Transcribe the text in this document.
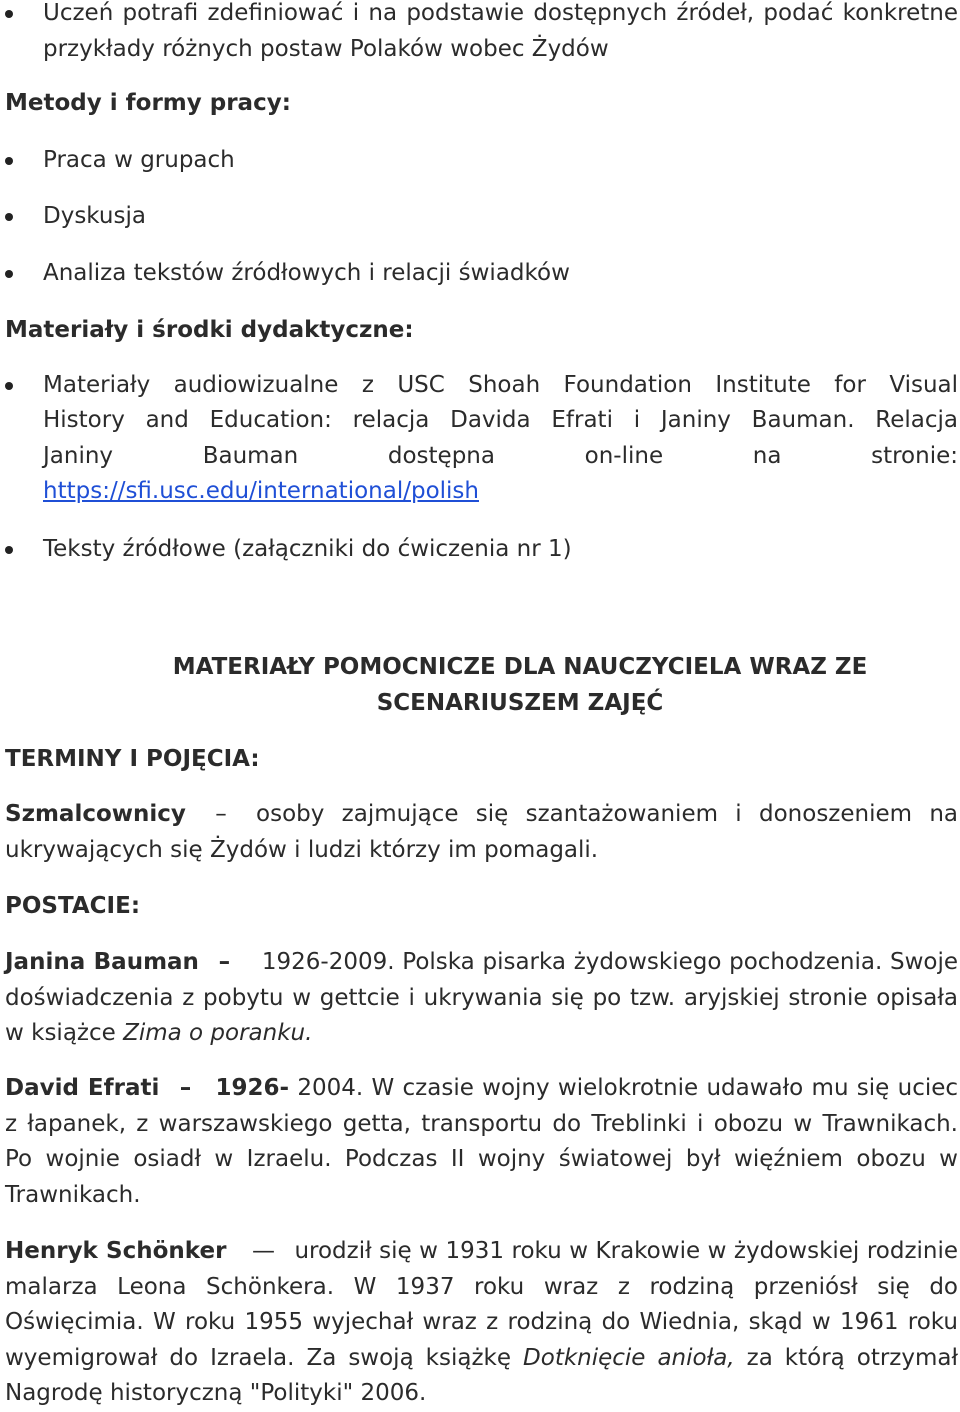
Uczeń potrafi zdefiniować i na podstawie dostępnych źródeł, podać konkretne przykłady różnych postaw Polaków wobec Żydów
Metody i formy pracy:
Praca w grupach
Dyskusja
Analiza tekstów źródłowych i relacji świadków
Materiały i środki dydaktyczne:
Materiały audiowizualne z USC Shoah Foundation Institute for Visual
History and Education: relacja Davida Efrati i Janiny Bauman. Relacja
Janiny Bauman dostępna on-line na stronie:
https://sfi.usc.edu/international/polish
Teksty źródłowe (załączniki do ćwiczenia nr 1)
MATERIAŁY POMOCNICZE DLA NAUCZYCIELA WRAZ ZE
SCENARIUSZEM ZAJĘĆ
TERMINY I POJĘCIA:
Szmalcownicy – osoby zajmujące się szantażowaniem i donoszeniem na ukrywających się Żydów i ludzi którzy im pomagali.
POSTACIE:
Janina Bauman – 1926-2009. Polska pisarka żydowskiego pochodzenia. Swoje doświadczenia z pobytu w gettcie i ukrywania się po tzw. aryjskiej stronie opisała w książce Zima o poranku.
David Efrati – 1926- 2004. W czasie wojny wielokrotnie udawało mu się uciec z łapanek, z warszawskiego getta, transportu do Treblinki i obozu w Trawnikach. Po wojnie osiadł w Izraelu. Podczas II wojny światowej był więźniem obozu w Trawnikach.
Henryk Schönker — urodził się w 1931 roku w Krakowie w żydowskiej rodzinie malarza Leona Schönkera. W 1937 roku wraz z rodziną przeniósł się do Oświęcimia. W roku 1955 wyjechał wraz z rodziną do Wiednia, skąd w 1961 roku wyemigrował do Izraela. Za swoją książkę Dotknięcie anioła, za którą otrzymał Nagrodę historyczną "Polityki" 2006.
